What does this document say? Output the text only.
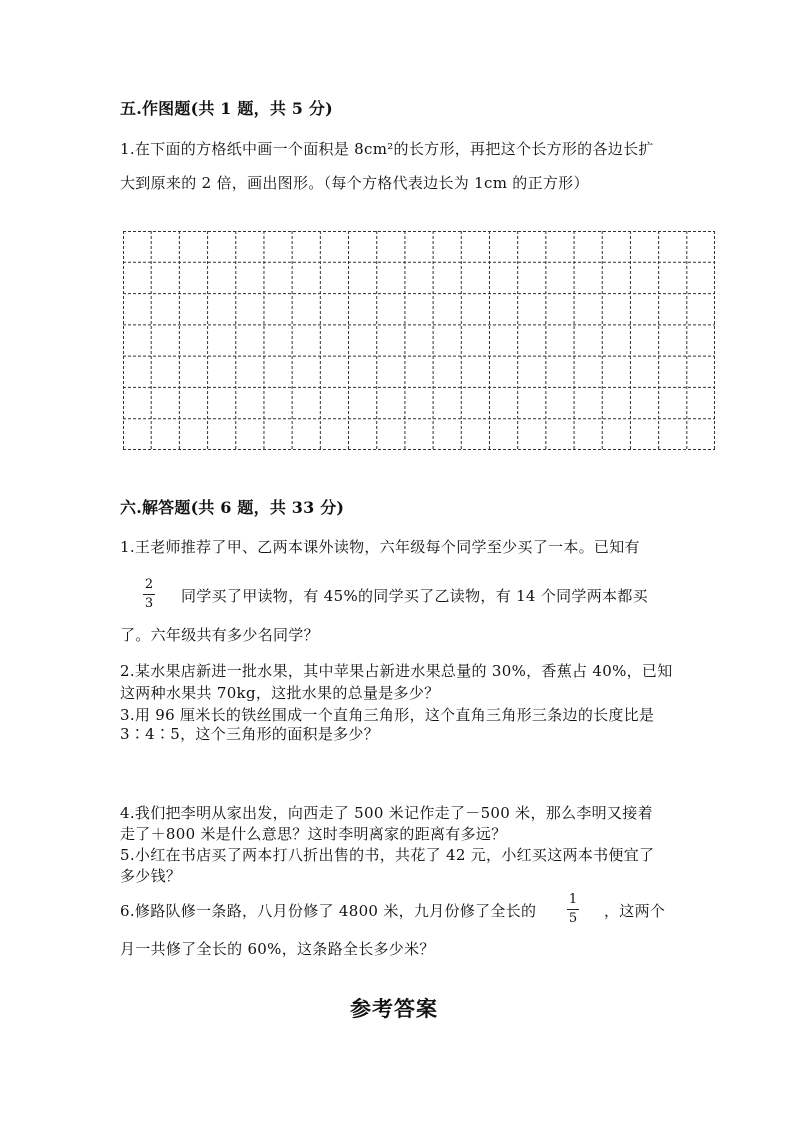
五.作图题(共 1 题，共 5 分)
1.在下面的方格纸中画一个面积是 8cm²的长方形，再把这个长方形的各边长扩
大到原来的 2 倍，画出图形。（每个方格代表边长为 1cm 的正方形）
六.解答题(共 6 题，共 33 分)
1.王老师推荐了甲、乙两本课外读物，六年级每个同学至少买了一本。已知有
2
3 同学买了甲读物，有 45%的同学买了乙读物，有 14 个同学两本都买
了。六年级共有多少名同学？
2.某水果店新进一批水果，其中苹果占新进水果总量的 30%，香蕉占 40%，已知
这两种水果共 70kg，这批水果的总量是多少？
3.用 96 厘米长的铁丝围成一个直角三角形，这个直角三角形三条边的长度比是
3∶4∶5，这个三角形的面积是多少？
4.我们把李明从家出发，向西走了 500 米记作走了－500 米，那么李明又接着
走了＋800 米是什么意思？这时李明离家的距离有多远？
5.小红在书店买了两本打八折出售的书，共花了 42 元，小红买这两本书便宜了
多少钱？
6.修路队修一条路，八月份修了 4800 米，九月份修了全长的
1
5 ，这两个
月一共修了全长的 60%，这条路全长多少米？
参考答案
